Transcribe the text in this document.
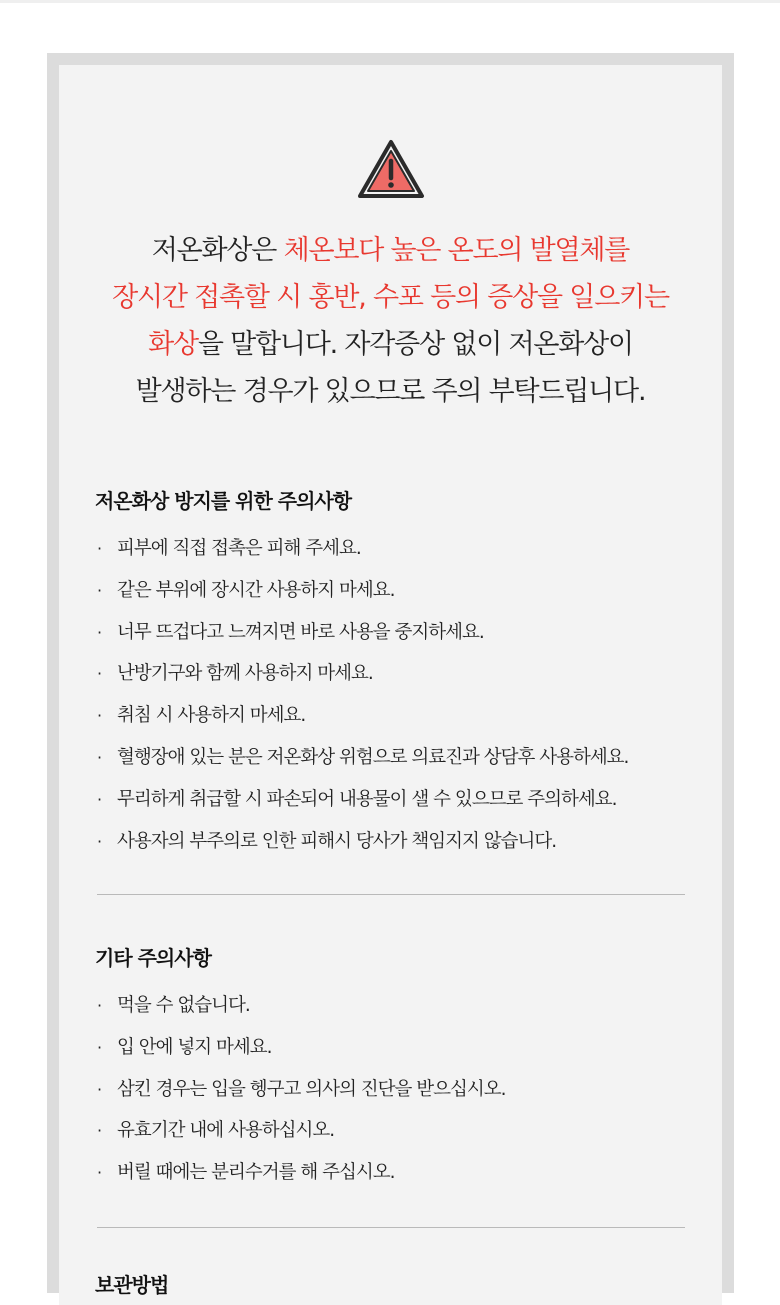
저온화상은 체온보다 높은 온도의 발열체를
장시간 접촉할 시 홍반, 수포 등의 증상을 일으키는
화상을 말합니다. 자각증상 없이 저온화상이
발생하는 경우가 있으므로 주의 부탁드립니다.
저온화상 방지를 위한 주의사항
· 피부에 직접 접촉은 피해 주세요.
· 같은 부위에 장시간 사용하지 마세요.
· 너무 뜨겁다고 느껴지면 바로 사용을 중지하세요.
· 난방기구와 함께 사용하지 마세요.
· 취침 시 사용하지 마세요.
· 혈행장애 있는 분은 저온화상 위험으로 의료진과 상담후 사용하세요.
· 무리하게 취급할 시 파손되어 내용물이 샐 수 있으므로 주의하세요.
· 사용자의 부주의로 인한 피해시 당사가 책임지지 않습니다.
기타 주의사항
· 먹을 수 없습니다.
· 입 안에 넣지 마세요.
· 삼킨 경우는 입을 헹구고 의사의 진단을 받으십시오.
· 유효기간 내에 사용하십시오.
· 버릴 때에는 분리수거를 해 주십시오.
보관방법
